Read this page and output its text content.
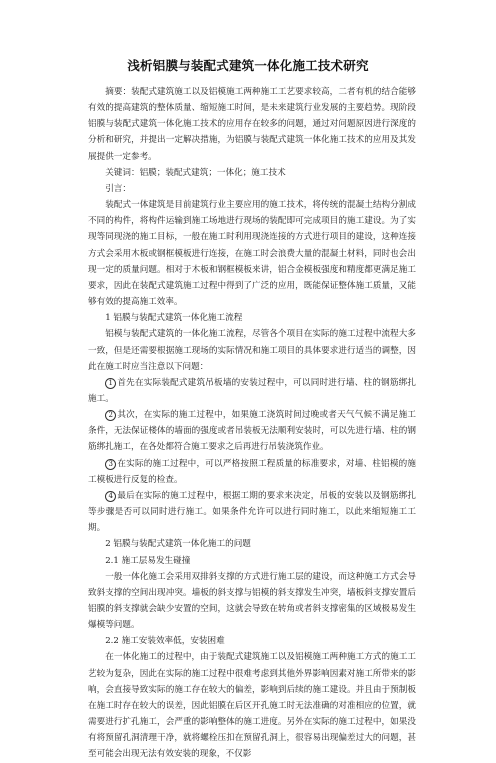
浅析铝膜与装配式建筑一体化施工技术研究

摘要：装配式建筑施工以及铝模施工两种施工工艺要求较高，二者有机的结合能够有效的提高建筑的整体质量、缩短施工时间，是未来建筑行业发展的主要趋势。现阶段铝膜与装配式建筑一体化施工技术的应用存在较多的问题，通过对问题原因进行深度的分析和研究，并提出一定解决措施，为铝膜与装配式建筑一体化施工技术的应用及其发展提供一定参考。

关键词：铝膜；装配式建筑；一体化；施工技术

引言：

装配式一体建筑是目前建筑行业主要应用的施工技术，将传统的混凝土结构分割成不同的构件，将构件运输到施工场地进行现场的装配即可完成项目的施工建设。为了实现等同现浇的施工目标，一般在施工时利用现浇连接的方式进行项目的建设，这种连接方式会采用木板或钢框模板进行连接，在施工时会浪费大量的混凝土材料，同时也会出现一定的质量问题。相对于木板和钢框模板来讲，铝合金模板强度和精度都更满足施工要求，因此在装配式建筑施工过程中得到了广泛的应用，既能保证整体施工质量，又能够有效的提高施工效率。

1 铝膜与装配式建筑一体化施工流程

铝模与装配式建筑的一体化施工流程，尽管各个项目在实际的施工过程中流程大多一致，但是还需要根据施工现场的实际情况和施工项目的具体要求进行适当的调整，因此在施工时应当注意以下问题：

1 首先在实际装配式建筑吊板墙的安装过程中，可以同时进行墙、柱的钢筋绑扎施工。

2 其次，在实际的施工过程中，如果施工浇筑时间过晚或者天气气候不满足施工条件，无法保证楼体的墙面的强度或者吊装板无法顺利安装时，可以先进行墙、柱的钢筋绑扎施工，在各处都符合施工要求之后再进行吊装浇筑作业。

3 在实际的施工过程中，可以严格按照工程质量的标准要求，对墙、柱铝模的施工模板进行反复的检查。

4 最后在实际的施工过程中，根据工期的要求来决定，吊板的安装以及钢筋绑扎等步骤是否可以同时进行施工。如果条件允许可以进行同时施工，以此来缩短施工工期。

2 铝膜与装配式建筑一体化施工的问题

2.1 施工层易发生碰撞

一般一体化施工会采用双排斜支撑的方式进行施工层的建设，而这种施工方式会导致斜支撑的空间出现冲突。墙板的斜支撑与铝模的斜支撑发生冲突，墙板斜支撑安置后铝膜的斜支撑就会缺少安置的空间，这就会导致在转角或者斜支撑密集的区域极易发生爆模等问题。

2.2 施工安装效率低，安装困难

在一体化施工的过程中，由于装配式建筑施工以及铝模施工两种施工方式的施工工艺较为复杂，因此在实际的施工过程中很难考虑到其他外界影响因素对施工所带来的影响，会直接导致实际的施工存在较大的偏差，影响到后续的施工建设。并且由于预制板在施工时存在较大的误差，因此铝膜在后区开孔施工时无法准确的对准相应的位置，就需要进行扩孔施工，会严重的影响整体的施工进度。另外在实际的施工过程中，如果没有将预留孔洞清理干净，就将螺栓压扣在预留孔洞上，很容易出现偏差过大的问题，甚至可能会出现无法有效安装的现象，不仅影
